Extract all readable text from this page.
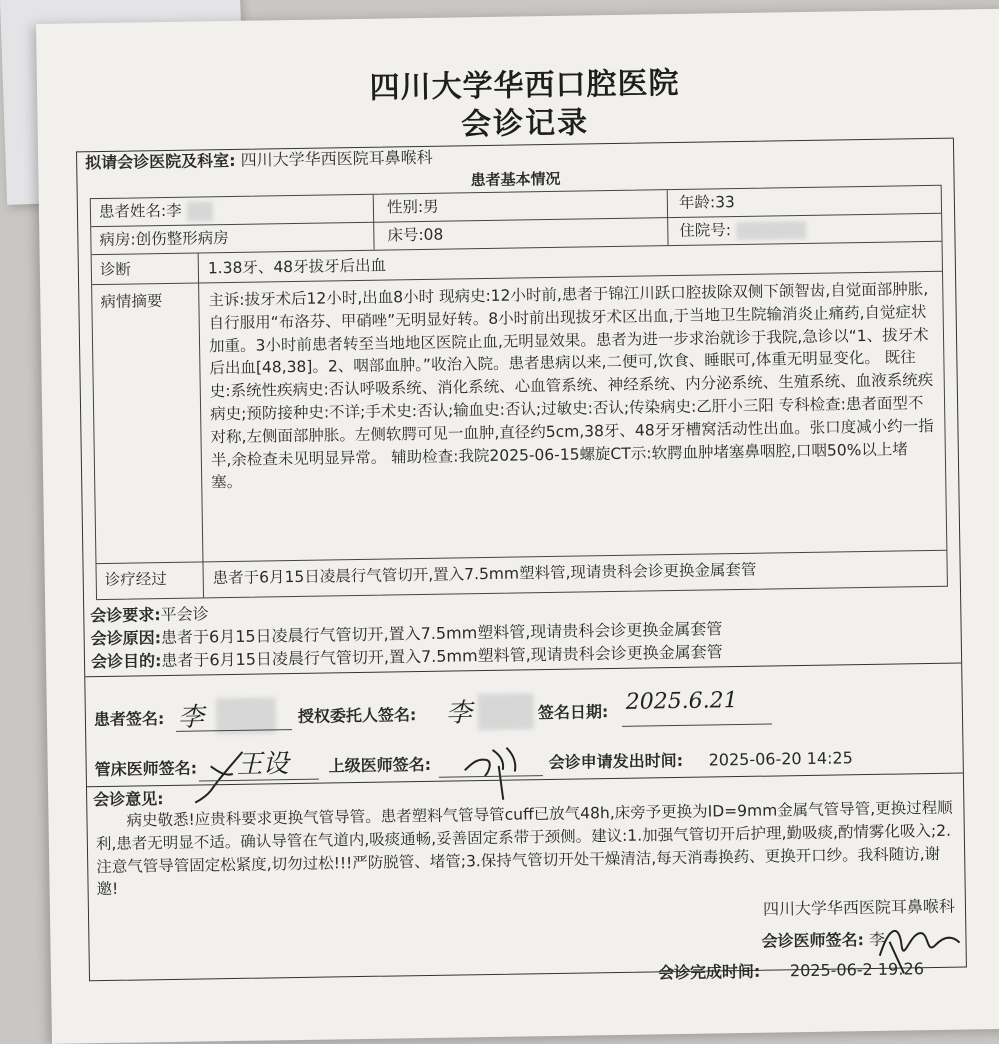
四川大学华西口腔医院
会诊记录
拟请会诊医院及科室: 四川大学华西医院耳鼻喉科
患者基本情况
患者姓名:李	性别:男	年龄:33
病房:创伤整形病房	床号:08	住院号:
诊断	1.38牙、48牙拔牙后出血
病情摘要	主诉:拔牙术后12小时,出血8小时 现病史:12小时前,患者于锦江川跃口腔拔除双侧下颌智齿,自觉面部肿胀,自行服用“布洛芬、甲硝唑”无明显好转。8小时前出现拔牙术区出血,于当地卫生院输消炎止痛药,自觉症状加重。3小时前患者转至当地地区医院止血,无明显效果。患者为进一步求治就诊于我院,急诊以“1、拔牙术后出血[48,38]。2、咽部血肿。”收治入院。患者患病以来,二便可,饮食、睡眠可,体重无明显变化。 既往史:系统性疾病史:否认呼吸系统、消化系统、心血管系统、神经系统、内分泌系统、生殖系统、血液系统疾病史;预防接种史:不详;手术史:否认;输血史:否认;过敏史:否认;传染病史:乙肝小三阳 专科检查:患者面型不对称,左侧面部肿胀。左侧软腭可见一血肿,直径约5cm,38牙、48牙牙槽窝活动性出血。张口度减小约一指半,余检查未见明显异常。 辅助检查:我院2025-06-15螺旋CT示:软腭血肿堵塞鼻咽腔,口咽50%以上堵塞。
诊疗经过	患者于6月15日凌晨行气管切开,置入7.5mm塑料管,现请贵科会诊更换金属套管
会诊要求:平会诊
会诊原因:患者于6月15日凌晨行气管切开,置入7.5mm塑料管,现请贵科会诊更换金属套管
会诊目的:患者于6月15日凌晨行气管切开,置入7.5mm塑料管,现请贵科会诊更换金属套管
患者签名: 李	授权委托人签名: 李	签名日期: 2025.6.21
管床医师签名: 王设 上级医师签名:	会诊申请发出时间: 2025-06-20 14:25
会诊意见:
病史敬悉!应贵科要求更换气管导管。患者塑料气管导管cuff已放气48h,床旁予更换为ID=9mm金属气管导管,更换过程顺利,患者无明显不适。确认导管在气道内,吸痰通畅,妥善固定系带于颈侧。建议:1.加强气管切开后护理,勤吸痰,酌情雾化吸入;2.注意气管导管固定松紧度,切勿过松!!!严防脱管、堵管;3.保持气管切开处干燥清洁,每天消毒换药、更换开口纱。我科随访,谢邀!
四川大学华西医院耳鼻喉科
会诊医师签名: 李
会诊完成时间: 2025-06-2 19:26
